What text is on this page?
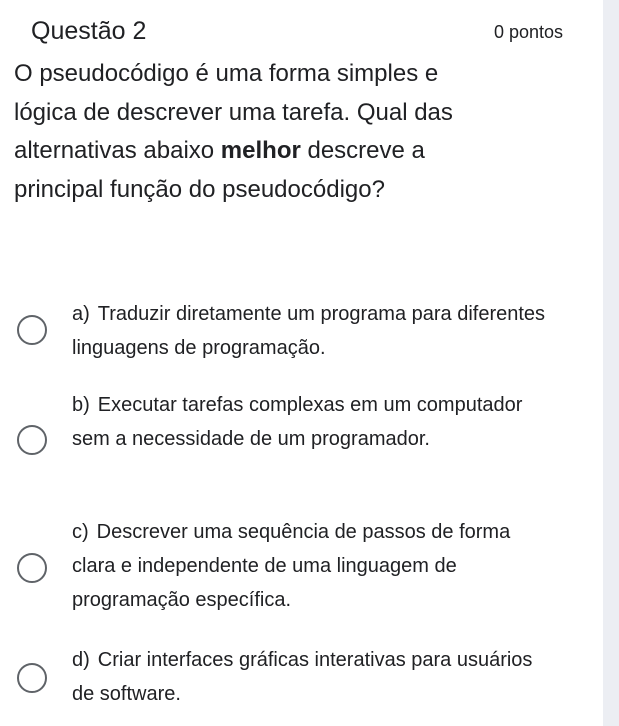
Questão 2	0 pontos
O pseudocódigo é uma forma simples e lógica de descrever uma tarefa. Qual das alternativas abaixo melhor descreve a principal função do pseudocódigo?
a) Traduzir diretamente um programa para diferentes linguagens de programação.
b) Executar tarefas complexas em um computador sem a necessidade de um programador.
c) Descrever uma sequência de passos de forma clara e independente de uma linguagem de programação específica.
d) Criar interfaces gráficas interativas para usuários de software.
